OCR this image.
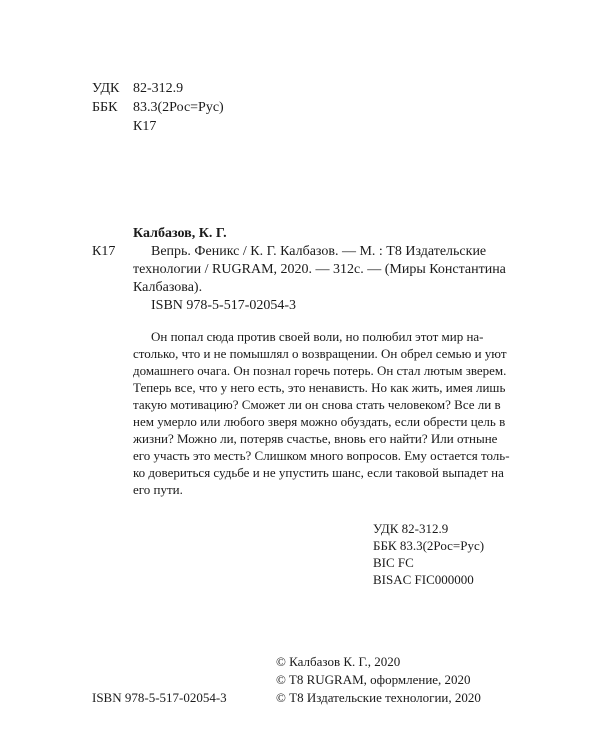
УДК 82-312.9
ББК 83.3(2Рос=Рус)
К17
Калбазов, К. Г.
К17	Вепрь. Феникс / К. Г. Калбазов. — М. : Т8 Издательские
технологии / RUGRAM, 2020. — 312с. — (Миры Константина
Калбазова).
ISBN 978-5-517-02054-3
Он попал сюда против своей воли, но полюбил этот мир на-
столько, что и не помышлял о возвращении. Он обрел семью и уют
домашнего очага. Он познал горечь потерь. Он стал лютым зверем.
Теперь все, что у него есть, это ненависть. Но как жить, имея лишь
такую мотивацию? Сможет ли он снова стать человеком? Все ли в
нем умерло или любого зверя можно обуздать, если обрести цель в
жизни? Можно ли, потеряв счастье, вновь его найти? Или отныне
его участь это месть? Слишком много вопросов. Ему остается толь-
ко довериться судьбе и не упустить шанс, если таковой выпадет на
его пути.
УДК 82-312.9
ББК 83.3(2Рос=Рус)
BIC FC
BISAC FIC000000
© Калбазов К. Г., 2020
© T8 RUGRAM, оформление, 2020
ISBN 978-5-517-02054-3	© Т8 Издательские технологии, 2020
